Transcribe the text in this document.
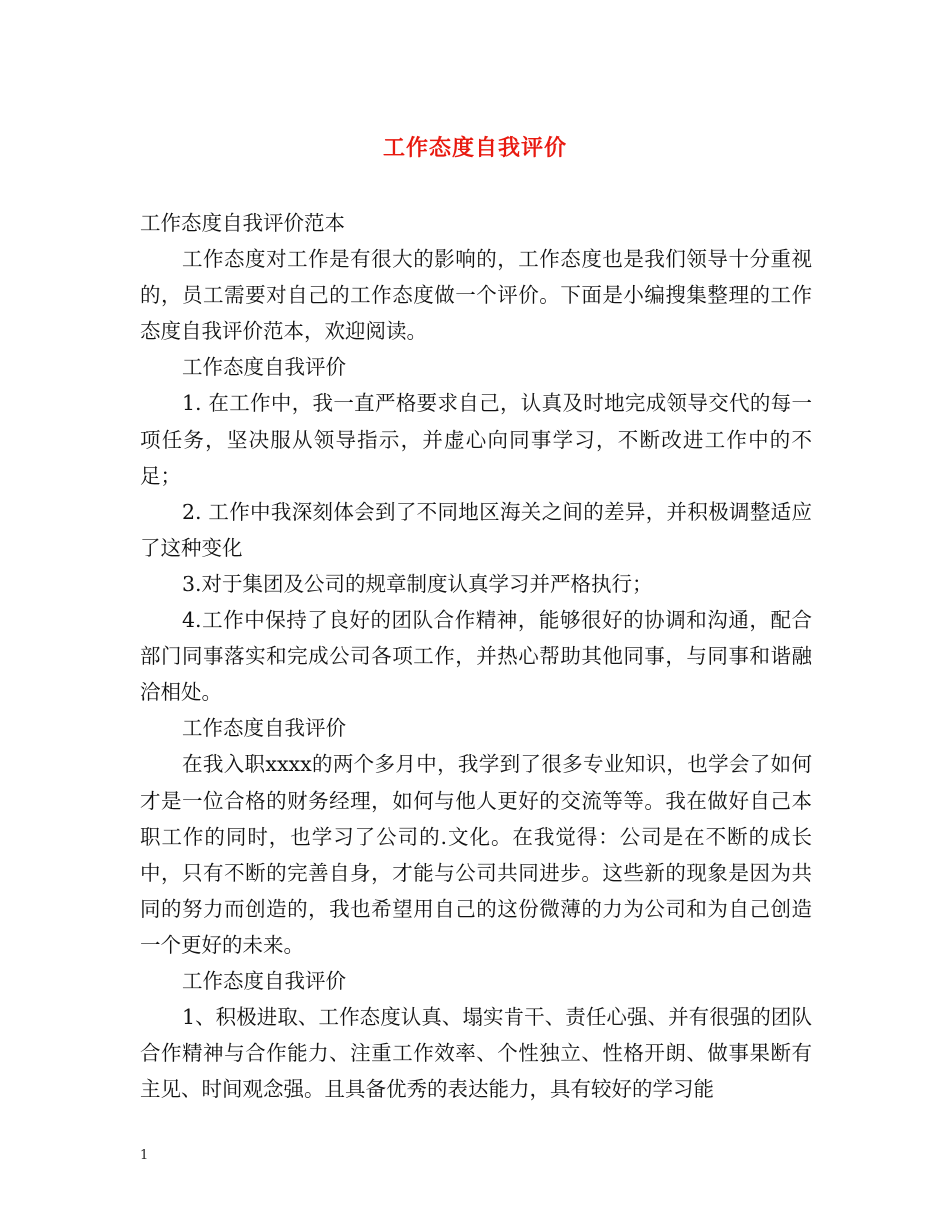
工作态度自我评价

工作态度自我评价范本

工作态度对工作是有很大的影响的，工作态度也是我们领导十分重视的，员工需要对自己的工作态度做一个评价。下面是小编搜集整理的工作态度自我评价范本，欢迎阅读。

工作态度自我评价

1. 在工作中，我一直严格要求自己，认真及时地完成领导交代的每一项任务，坚决服从领导指示，并虚心向同事学习，不断改进工作中的不足；

2. 工作中我深刻体会到了不同地区海关之间的差异，并积极调整适应了这种变化

3.对于集团及公司的规章制度认真学习并严格执行；

4.工作中保持了良好的团队合作精神，能够很好的协调和沟通，配合部门同事落实和完成公司各项工作，并热心帮助其他同事，与同事和谐融洽相处。

工作态度自我评价

在我入职xxxx的两个多月中，我学到了很多专业知识，也学会了如何才是一位合格的财务经理，如何与他人更好的交流等等。我在做好自己本职工作的同时，也学习了公司的.文化。在我觉得：公司是在不断的成长中，只有不断的完善自身，才能与公司共同进步。这些新的现象是因为共同的努力而创造的，我也希望用自己的这份微薄的力为公司和为自己创造一个更好的未来。

工作态度自我评价

1、积极进取、工作态度认真、塌实肯干、责任心强、并有很强的团队合作精神与合作能力、注重工作效率、个性独立、性格开朗、做事果断有主见、时间观念强。且具备优秀的表达能力，具有较好的学习能

1
